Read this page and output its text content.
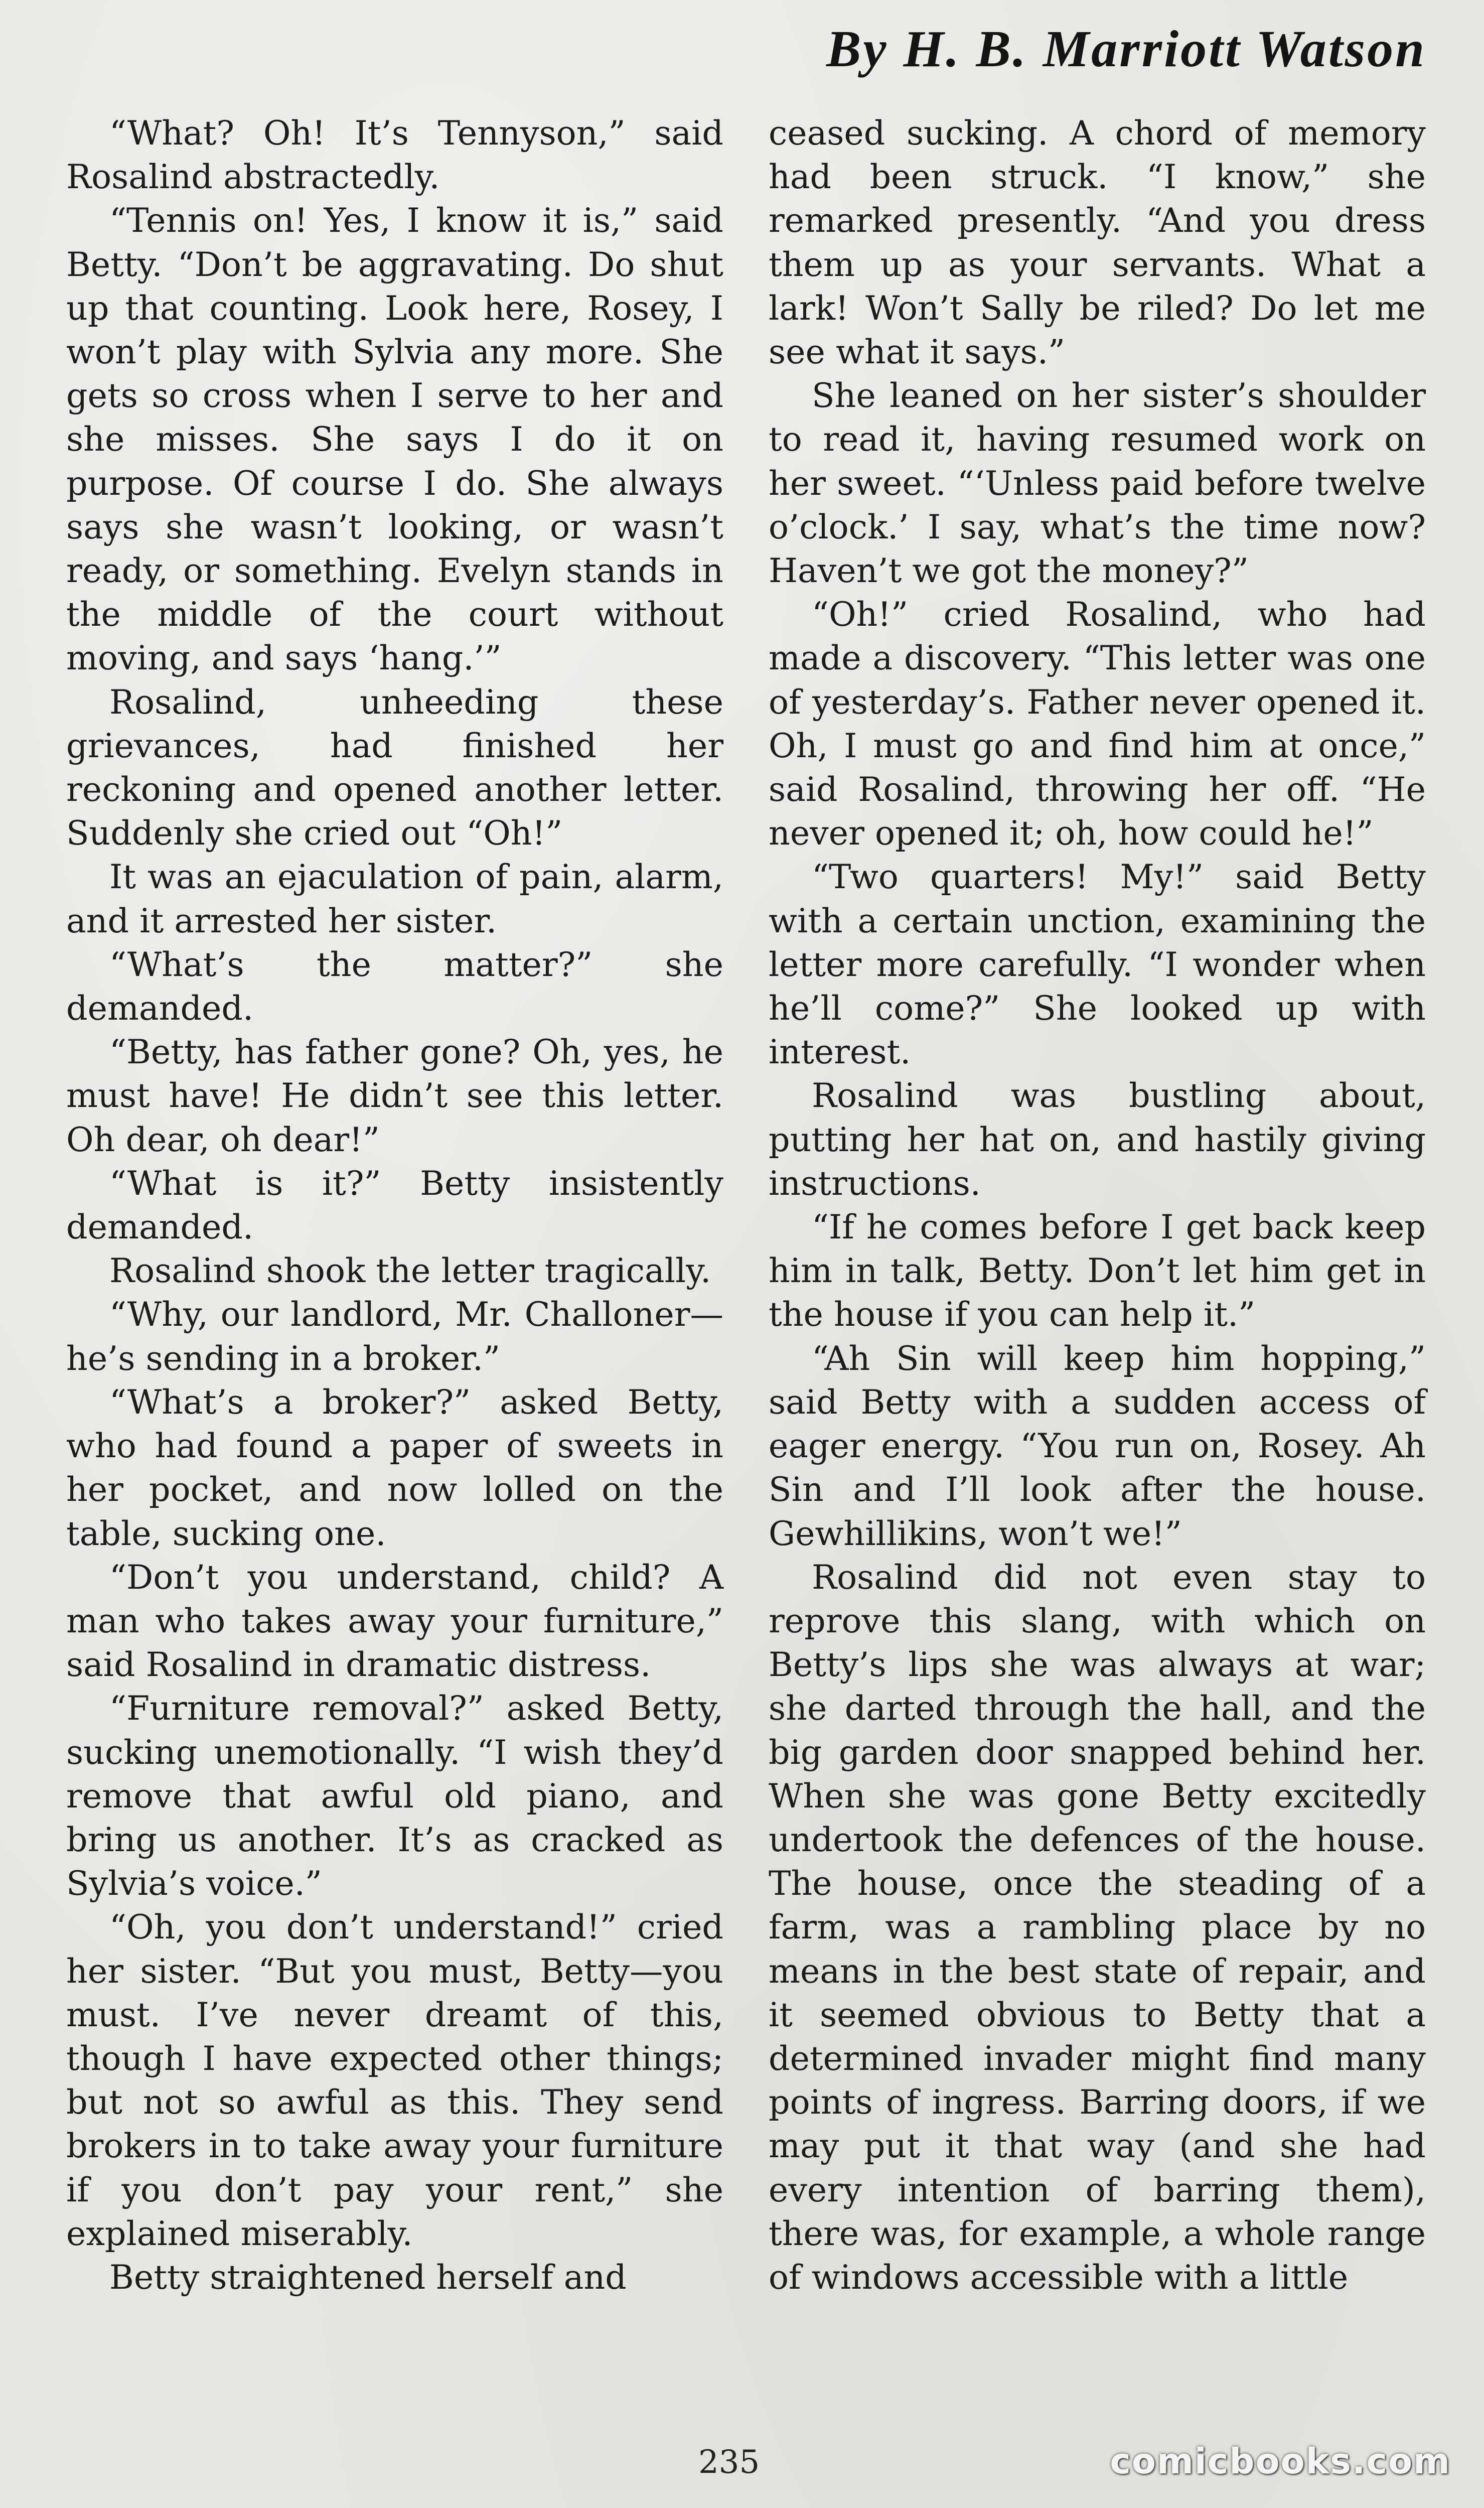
By H. B. Marriott Watson

“What? Oh! It’s Tennyson,” said Rosalind abstractedly.

“Tennis on! Yes, I know it is,” said Betty. “Don’t be aggravating. Do shut up that counting. Look here, Rosey, I won’t play with Sylvia any more. She gets so cross when I serve to her and she misses. She says I do it on purpose. Of course I do. She always says she wasn’t looking, or wasn’t ready, or something. Evelyn stands in the middle of the court without moving, and says ‘hang.’”

Rosalind, unheeding these grievances, had finished her reckoning and opened another letter. Suddenly she cried out “Oh!”

It was an ejaculation of pain, alarm, and it arrested her sister.

“What’s the matter?” she demanded.

“Betty, has father gone? Oh, yes, he must have! He didn’t see this letter. Oh dear, oh dear!”

“What is it?” Betty insistently demanded.

Rosalind shook the letter tragically.

“Why, our landlord, Mr. Challoner—he’s sending in a broker.”

“What’s a broker?” asked Betty, who had found a paper of sweets in her pocket, and now lolled on the table, sucking one.

“Don’t you understand, child? A man who takes away your furniture,” said Rosalind in dramatic distress.

“Furniture removal?” asked Betty, sucking unemotionally. “I wish they’d remove that awful old piano, and bring us another. It’s as cracked as Sylvia’s voice.”

“Oh, you don’t understand!” cried her sister. “But you must, Betty—you must. I’ve never dreamt of this, though I have expected other things; but not so awful as this. They send brokers in to take away your furniture if you don’t pay your rent,” she explained miserably.

Betty straightened herself and

ceased sucking. A chord of memory had been struck. “I know,” she remarked presently. “And you dress them up as your servants. What a lark! Won’t Sally be riled? Do let me see what it says.”

She leaned on her sister’s shoulder to read it, having resumed work on her sweet. “‘Unless paid before twelve o’clock.’ I say, what’s the time now? Haven’t we got the money?”

“Oh!” cried Rosalind, who had made a discovery. “This letter was one of yesterday’s. Father never opened it. Oh, I must go and find him at once,” said Rosalind, throwing her off. “He never opened it; oh, how could he!”

“Two quarters! My!” said Betty with a certain unction, examining the letter more carefully. “I wonder when he’ll come?” She looked up with interest.

Rosalind was bustling about, putting her hat on, and hastily giving instructions.

“If he comes before I get back keep him in talk, Betty. Don’t let him get in the house if you can help it.”

“Ah Sin will keep him hopping,” said Betty with a sudden access of eager energy. “You run on, Rosey. Ah Sin and I’ll look after the house. Gewhillikins, won’t we!”

Rosalind did not even stay to reprove this slang, with which on Betty’s lips she was always at war; she darted through the hall, and the big garden door snapped behind her. When she was gone Betty excitedly undertook the defences of the house. The house, once the steading of a farm, was a rambling place by no means in the best state of repair, and it seemed obvious to Betty that a determined invader might find many points of ingress. Barring doors, if we may put it that way (and she had every intention of barring them), there was, for example, a whole range of windows accessible with a little

235	comicbooks.com
